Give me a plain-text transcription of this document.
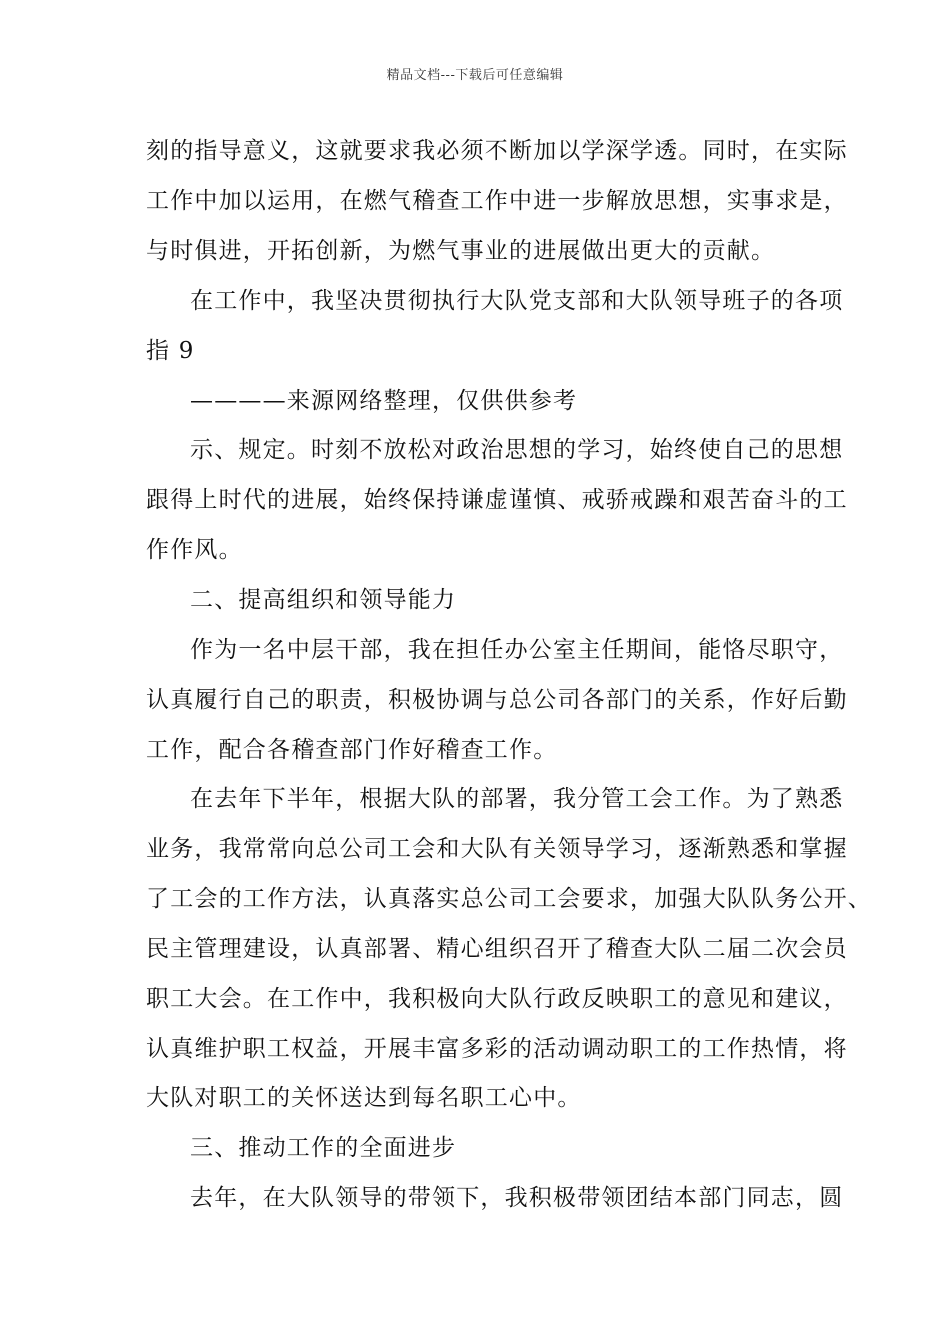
精品文档---下载后可任意编辑
刻的指导意义，这就要求我必须不断加以学深学透。同时，在实际
工作中加以运用，在燃气稽查工作中进一步解放思想，实事求是，
与时俱进，开拓创新，为燃气事业的进展做出更大的贡献。
在工作中，我坚决贯彻执行大队党支部和大队领导班子的各项
指 9
————来源网络整理，仅供供参考
示、规定。时刻不放松对政治思想的学习，始终使自己的思想
跟得上时代的进展，始终保持谦虚谨慎、戒骄戒躁和艰苦奋斗的工
作作风。
二、提高组织和领导能力
作为一名中层干部，我在担任办公室主任期间，能恪尽职守，
认真履行自己的职责，积极协调与总公司各部门的关系，作好后勤
工作，配合各稽查部门作好稽查工作。
在去年下半年，根据大队的部署，我分管工会工作。为了熟悉
业务，我常常向总公司工会和大队有关领导学习，逐渐熟悉和掌握
了工会的工作方法，认真落实总公司工会要求，加强大队队务公开、
民主管理建设，认真部署、精心组织召开了稽查大队二届二次会员
职工大会。在工作中，我积极向大队行政反映职工的意见和建议，
认真维护职工权益，开展丰富多彩的活动调动职工的工作热情，将
大队对职工的关怀送达到每名职工心中。
三、推动工作的全面进步
去年，在大队领导的带领下，我积极带领团结本部门同志，圆
